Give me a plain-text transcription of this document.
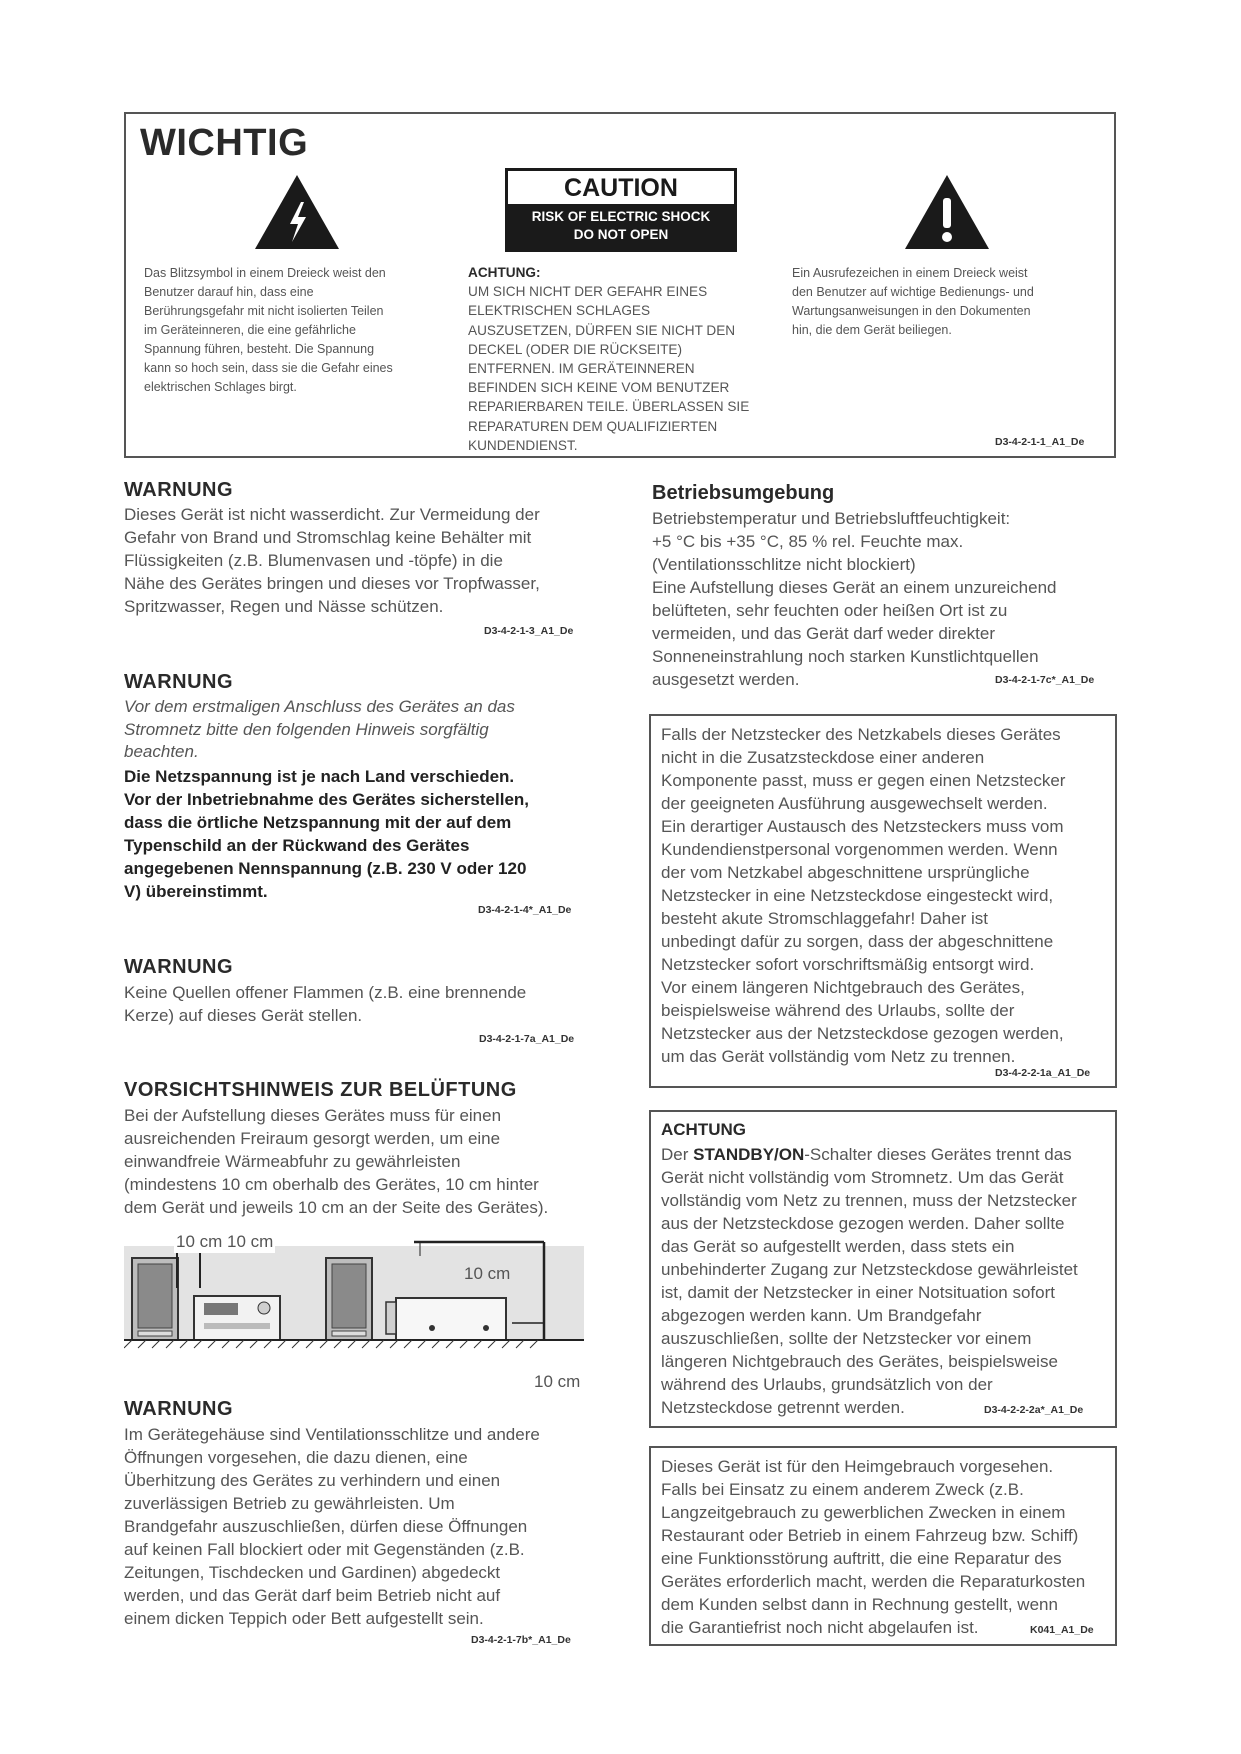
WICHTIG
CAUTION
RISK OF ELECTRIC SHOCK
DO NOT OPEN
Das Blitzsymbol in einem Dreieck weist den
Benutzer darauf hin, dass eine
Berührungsgefahr mit nicht isolierten Teilen
im Geräteinneren, die eine gefährliche
Spannung führen, besteht. Die Spannung
kann so hoch sein, dass sie die Gefahr eines
elektrischen Schlages birgt.
ACHTUNG:
UM SICH NICHT DER GEFAHR EINES
ELEKTRISCHEN SCHLAGES
AUSZUSETZEN, DÜRFEN SIE NICHT DEN
DECKEL (ODER DIE RÜCKSEITE)
ENTFERNEN. IM GERÄTEINNEREN
BEFINDEN SICH KEINE VOM BENUTZER
REPARIERBAREN TEILE. ÜBERLASSEN SIE
REPARATUREN DEM QUALIFIZIERTEN
KUNDENDIENST.
Ein Ausrufezeichen in einem Dreieck weist
den Benutzer auf wichtige Bedienungs- und
Wartungsanweisungen in den Dokumenten
hin, die dem Gerät beiliegen.
D3-4-2-1-1_A1_De
WARNUNG
Dieses Gerät ist nicht wasserdicht. Zur Vermeidung der
Gefahr von Brand und Stromschlag keine Behälter mit
Flüssigkeiten (z.B. Blumenvasen und -töpfe) in die
Nähe des Gerätes bringen und dieses vor Tropfwasser,
Spritzwasser, Regen und Nässe schützen.
D3-4-2-1-3_A1_De
WARNUNG
Vor dem erstmaligen Anschluss des Gerätes an das
Stromnetz bitte den folgenden Hinweis sorgfältig
beachten.
Die Netzspannung ist je nach Land verschieden.
Vor der Inbetriebnahme des Gerätes sicherstellen,
dass die örtliche Netzspannung mit der auf dem
Typenschild an der Rückwand des Gerätes
angegebenen Nennspannung (z.B. 230 V oder 120
V) übereinstimmt.
D3-4-2-1-4*_A1_De
WARNUNG
Keine Quellen offener Flammen (z.B. eine brennende
Kerze) auf dieses Gerät stellen.
D3-4-2-1-7a_A1_De
VORSICHTSHINWEIS ZUR BELÜFTUNG
Bei der Aufstellung dieses Gerätes muss für einen
ausreichenden Freiraum gesorgt werden, um eine
einwandfreie Wärmeabfuhr zu gewährleisten
(mindestens 10 cm oberhalb des Gerätes, 10 cm hinter
dem Gerät und jeweils 10 cm an der Seite des Gerätes).
10 cm 10 cm
10 cm
10 cm
WARNUNG
Im Gerätegehäuse sind Ventilationsschlitze und andere
Öffnungen vorgesehen, die dazu dienen, eine
Überhitzung des Gerätes zu verhindern und einen
zuverlässigen Betrieb zu gewährleisten. Um
Brandgefahr auszuschließen, dürfen diese Öffnungen
auf keinen Fall blockiert oder mit Gegenständen (z.B.
Zeitungen, Tischdecken und Gardinen) abgedeckt
werden, und das Gerät darf beim Betrieb nicht auf
einem dicken Teppich oder Bett aufgestellt sein.
D3-4-2-1-7b*_A1_De
Betriebsumgebung
Betriebstemperatur und Betriebsluftfeuchtigkeit:
+5 °C bis +35 °C, 85 % rel. Feuchte max.
(Ventilationsschlitze nicht blockiert)
Eine Aufstellung dieses Gerät an einem unzureichend
belüfteten, sehr feuchten oder heißen Ort ist zu
vermeiden, und das Gerät darf weder direkter
Sonneneinstrahlung noch starken Kunstlichtquellen
ausgesetzt werden.	D3-4-2-1-7c*_A1_De
Falls der Netzstecker des Netzkabels dieses Gerätes
nicht in die Zusatzsteckdose einer anderen
Komponente passt, muss er gegen einen Netzstecker
der geeigneten Ausführung ausgewechselt werden.
Ein derartiger Austausch des Netzsteckers muss vom
Kundendienstpersonal vorgenommen werden. Wenn
der vom Netzkabel abgeschnittene ursprüngliche
Netzstecker in eine Netzsteckdose eingesteckt wird,
besteht akute Stromschlaggefahr! Daher ist
unbedingt dafür zu sorgen, dass der abgeschnittene
Netzstecker sofort vorschriftsmäßig entsorgt wird.
Vor einem längeren Nichtgebrauch des Gerätes,
beispielsweise während des Urlaubs, sollte der
Netzstecker aus der Netzsteckdose gezogen werden,
um das Gerät vollständig vom Netz zu trennen.
D3-4-2-2-1a_A1_De
ACHTUNG
Der STANDBY/ON-Schalter dieses Gerätes trennt das
Gerät nicht vollständig vom Stromnetz. Um das Gerät
vollständig vom Netz zu trennen, muss der Netzstecker
aus der Netzsteckdose gezogen werden. Daher sollte
das Gerät so aufgestellt werden, dass stets ein
unbehinderter Zugang zur Netzsteckdose gewährleistet
ist, damit der Netzstecker in einer Notsituation sofort
abgezogen werden kann. Um Brandgefahr
auszuschließen, sollte der Netzstecker vor einem
längeren Nichtgebrauch des Gerätes, beispielsweise
während des Urlaubs, grundsätzlich von der
Netzsteckdose getrennt werden.	D3-4-2-2-2a*_A1_De
Dieses Gerät ist für den Heimgebrauch vorgesehen.
Falls bei Einsatz zu einem anderem Zweck (z.B.
Langzeitgebrauch zu gewerblichen Zwecken in einem
Restaurant oder Betrieb in einem Fahrzeug bzw. Schiff)
eine Funktionsstörung auftritt, die eine Reparatur des
Gerätes erforderlich macht, werden die Reparaturkosten
dem Kunden selbst dann in Rechnung gestellt, wenn
die Garantiefrist noch nicht abgelaufen ist.	K041_A1_De
